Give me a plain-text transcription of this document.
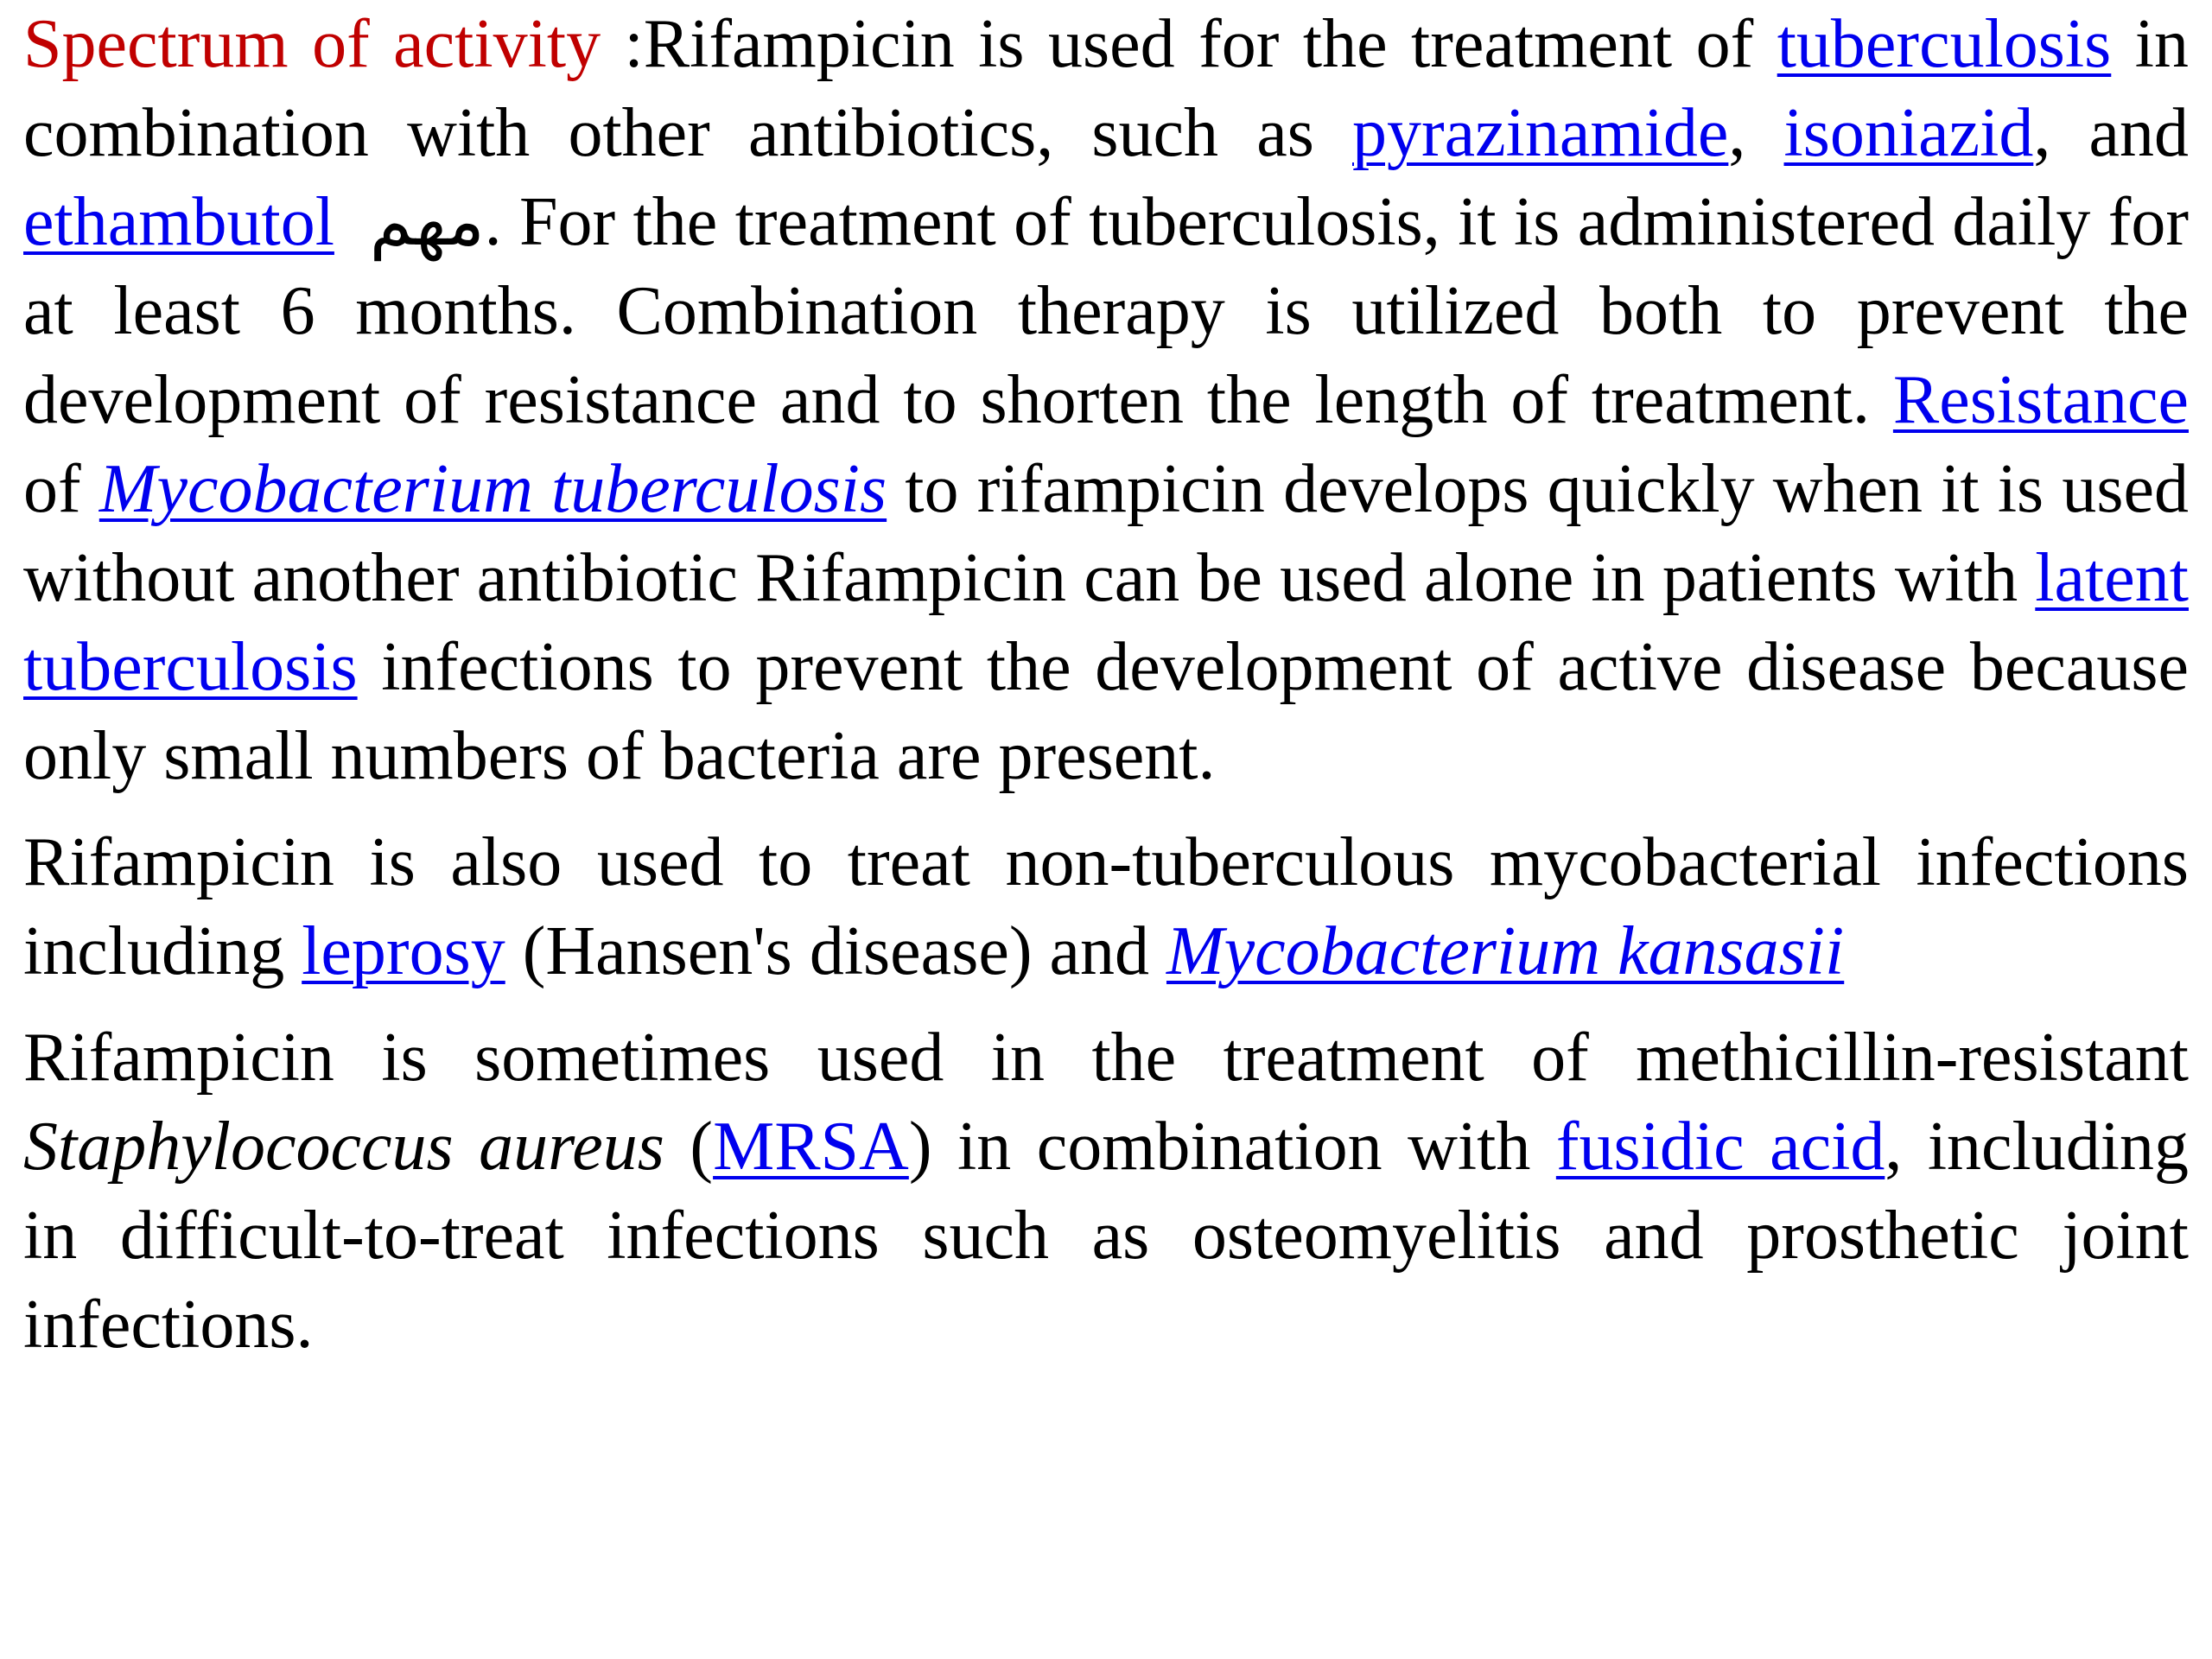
Spectrum of activity :Rifampicin is used for the treatment of tuberculosis in combination with other antibiotics, such as pyrazinamide, isoniazid, and ethambutol مهم. For the treatment of tuberculosis, it is administered daily for at least 6 months. Combination therapy is utilized both to prevent the development of resistance and to shorten the length of treatment. Resistance of Mycobacterium tuberculosis to rifampicin develops quickly when it is used without another antibiotic Rifampicin can be used alone in patients with latent tuberculosis infections to prevent the development of active disease because only small numbers of bacteria are present.

Rifampicin is also used to treat non-tuberculous mycobacterial infections including leprosy (Hansen's disease) and Mycobacterium kansasii

Rifampicin is sometimes used in the treatment of methicillin-resistant Staphylococcus aureus (MRSA) in combination with fusidic acid, including in difficult-to-treat infections such as osteomyelitis and prosthetic joint infections.
